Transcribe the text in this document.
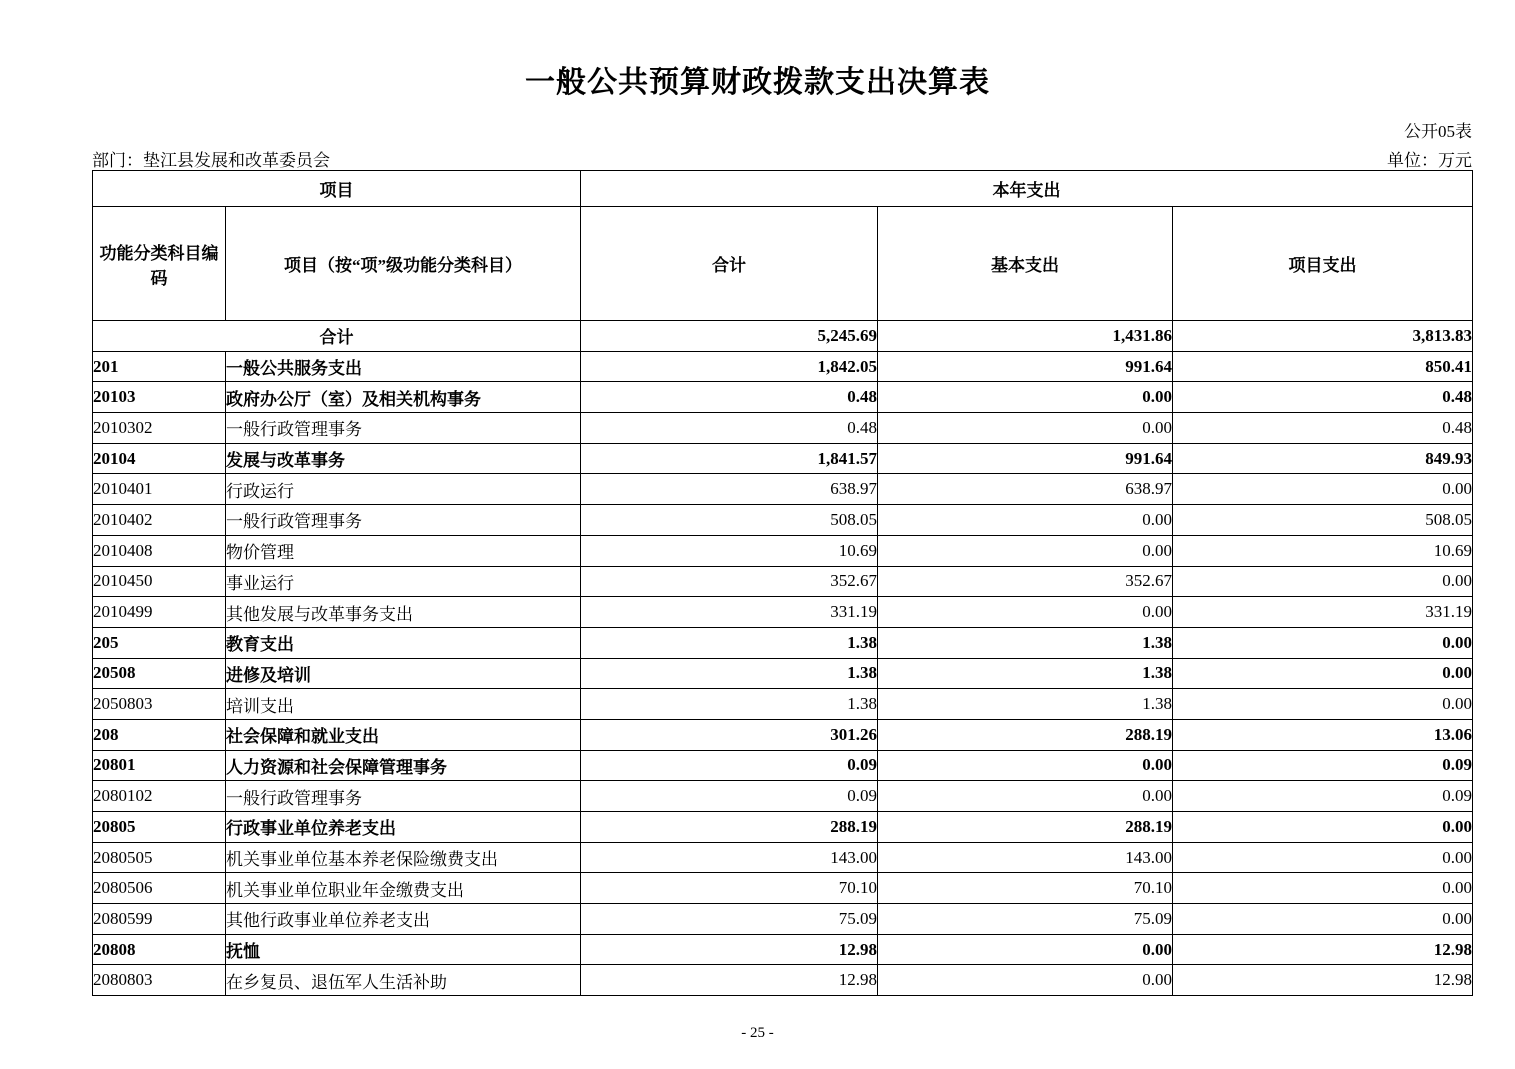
一般公共预算财政拨款支出决算表
公开05表
部门：垫江县发展和改革委员会	单位：万元
项目		本年支出		
功能分类科目编码	项目（按“项”级功能分类科目）	合计	基本支出	项目支出
合计		5,245.69	1,431.86	3,813.83
201	一般公共服务支出	1,842.05	991.64	850.41
20103	政府办公厅（室）及相关机构事务	0.48	0.00	0.48
2010302	一般行政管理事务	0.48	0.00	0.48
20104	发展与改革事务	1,841.57	991.64	849.93
2010401	行政运行	638.97	638.97	0.00
2010402	一般行政管理事务	508.05	0.00	508.05
2010408	物价管理	10.69	0.00	10.69
2010450	事业运行	352.67	352.67	0.00
2010499	其他发展与改革事务支出	331.19	0.00	331.19
205	教育支出	1.38	1.38	0.00
20508	进修及培训	1.38	1.38	0.00
2050803	培训支出	1.38	1.38	0.00
208	社会保障和就业支出	301.26	288.19	13.06
20801	人力资源和社会保障管理事务	0.09	0.00	0.09
2080102	一般行政管理事务	0.09	0.00	0.09
20805	行政事业单位养老支出	288.19	288.19	0.00
2080505	机关事业单位基本养老保险缴费支出	143.00	143.00	0.00
2080506	机关事业单位职业年金缴费支出	70.10	70.10	0.00
2080599	其他行政事业单位养老支出	75.09	75.09	0.00
20808	抚恤	12.98	0.00	12.98
2080803	在乡复员、退伍军人生活补助	12.98	0.00	12.98
- 25 -
